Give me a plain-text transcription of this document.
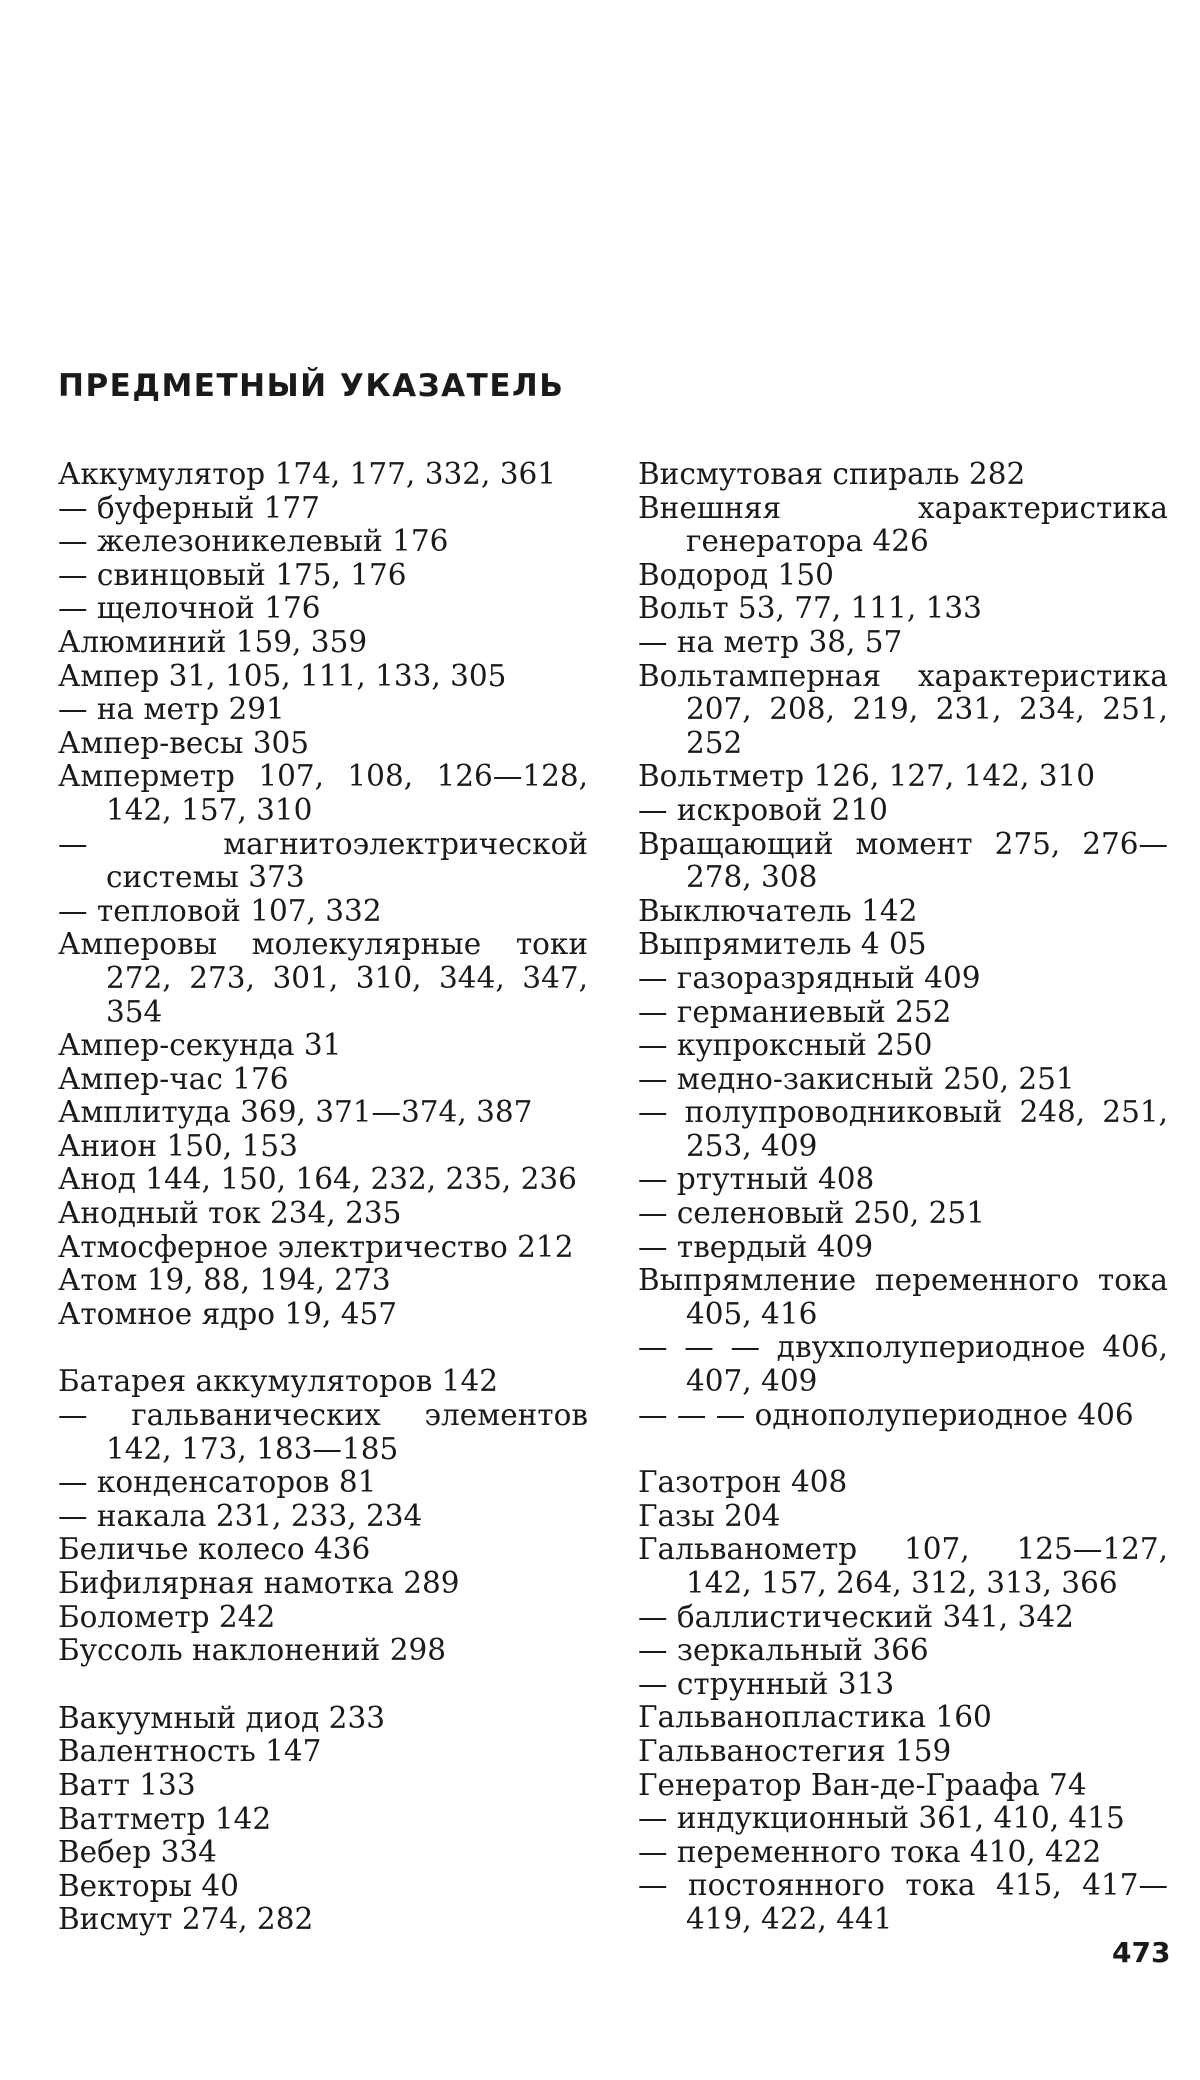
ПРЕДМЕТНЫЙ УКАЗАТЕЛЬ
Аккумулятор 174, 177, 332, 361
— буферный 177
— железоникелевый 176
— свинцовый 175, 176
— щелочной 176
Алюминий 159, 359
Ампер 31, 105, 111, 133, 305
— на метр 291
Ампер-весы 305
Амперметр 107, 108, 126—128, 142, 157, 310
— магнитоэлектрической системы 373
— тепловой 107, 332
Амперовы молекулярные токи 272, 273, 301, 310, 344, 347, 354
Ампер-секунда 31
Ампер-час 176
Амплитуда 369, 371—374, 387
Анион 150, 153
Анод 144, 150, 164, 232, 235, 236
Анодный ток 234, 235
Атмосферное электричество 212
Атом 19, 88, 194, 273
Атомное ядро 19, 457
Батарея аккумуляторов 142
— гальванических элементов 142, 173, 183—185
— конденсаторов 81
— накала 231, 233, 234
Беличье колесо 436
Бифилярная намотка 289
Болометр 242
Буссоль наклонений 298
Вакуумный диод 233
Валентность 147
Ватт 133
Ваттметр 142
Вебер 334
Векторы 40
Висмут 274, 282
Висмутовая спираль 282
Внешняя характеристика генератора 426
Водород 150
Вольт 53, 77, 111, 133
— на метр 38, 57
Вольтамперная характеристика 207, 208, 219, 231, 234, 251, 252
Вольтметр 126, 127, 142, 310
— искровой 210
Вращающий момент 275, 276—278, 308
Выключатель 142
Выпрямитель 4 05
— газоразрядный 409
— германиевый 252
— купроксный 250
— медно-закисный 250, 251
— полупроводниковый 248, 251, 253, 409
— ртутный 408
— селеновый 250, 251
— твердый 409
Выпрямление переменного тока 405, 416
— — — двухполупериодное 406, 407, 409
— — — однополупериодное 406
Газотрон 408
Газы 204
Гальванометр 107, 125—127, 142, 157, 264, 312, 313, 366
— баллистический 341, 342
— зеркальный 366
— струнный 313
Гальванопластика 160
Гальваностегия 159
Генератор Ван-де-Граафа 74
— индукционный 361, 410, 415
— переменного тока 410, 422
— постоянного тока 415, 417—419, 422, 441
473
